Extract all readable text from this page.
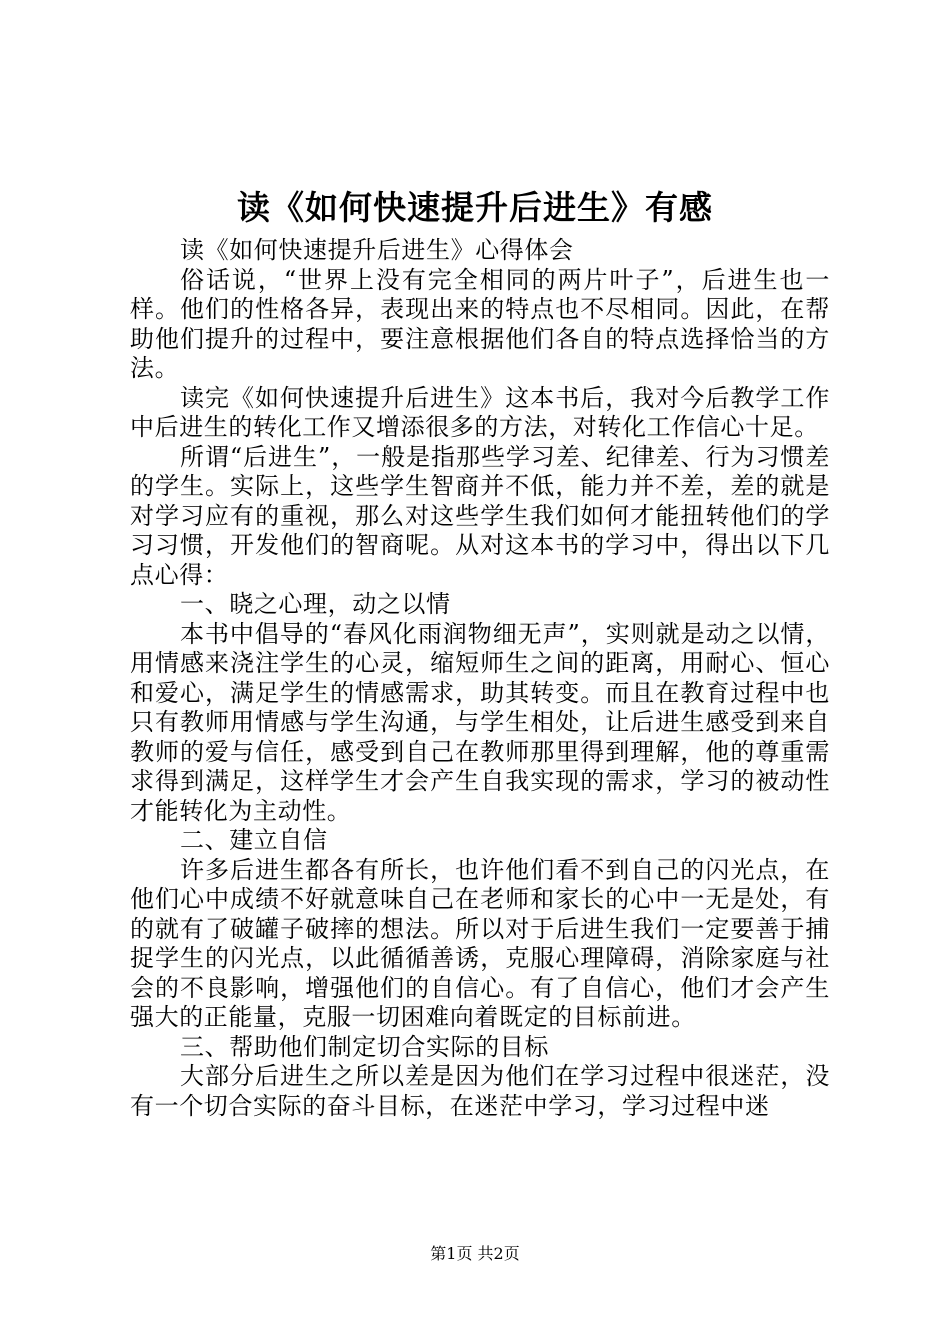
读《如何快速提升后进生》有感

读《如何快速提升后进生》心得体会

俗话说，“世界上没有完全相同的两片叶子”，后进生也一样。他们的性格各异，表现出来的特点也不尽相同。因此，在帮助他们提升的过程中，要注意根据他们各自的特点选择恰当的方法。

读完《如何快速提升后进生》这本书后，我对今后教学工作中后进生的转化工作又增添很多的方法，对转化工作信心十足。

所谓“后进生”，一般是指那些学习差、纪律差、行为习惯差的学生。实际上，这些学生智商并不低，能力并不差，差的就是对学习应有的重视，那么对这些学生我们如何才能扭转他们的学习习惯，开发他们的智商呢。从对这本书的学习中，得出以下几点心得：

一、晓之心理，动之以情

本书中倡导的“春风化雨润物细无声”，实则就是动之以情，用情感来浇注学生的心灵，缩短师生之间的距离，用耐心、恒心和爱心，满足学生的情感需求，助其转变。而且在教育过程中也只有教师用情感与学生沟通，与学生相处，让后进生感受到来自教师的爱与信任，感受到自己在教师那里得到理解，他的尊重需求得到满足，这样学生才会产生自我实现的需求，学习的被动性才能转化为主动性。

二、建立自信

许多后进生都各有所长，也许他们看不到自己的闪光点，在他们心中成绩不好就意味自己在老师和家长的心中一无是处，有的就有了破罐子破摔的想法。所以对于后进生我们一定要善于捕捉学生的闪光点，以此循循善诱，克服心理障碍，消除家庭与社会的不良影响，增强他们的自信心。有了自信心，他们才会产生强大的正能量，克服一切困难向着既定的目标前进。

三、帮助他们制定切合实际的目标

大部分后进生之所以差是因为他们在学习过程中很迷茫，没有一个切合实际的奋斗目标，在迷茫中学习，学习过程中迷

第1页 共2页
